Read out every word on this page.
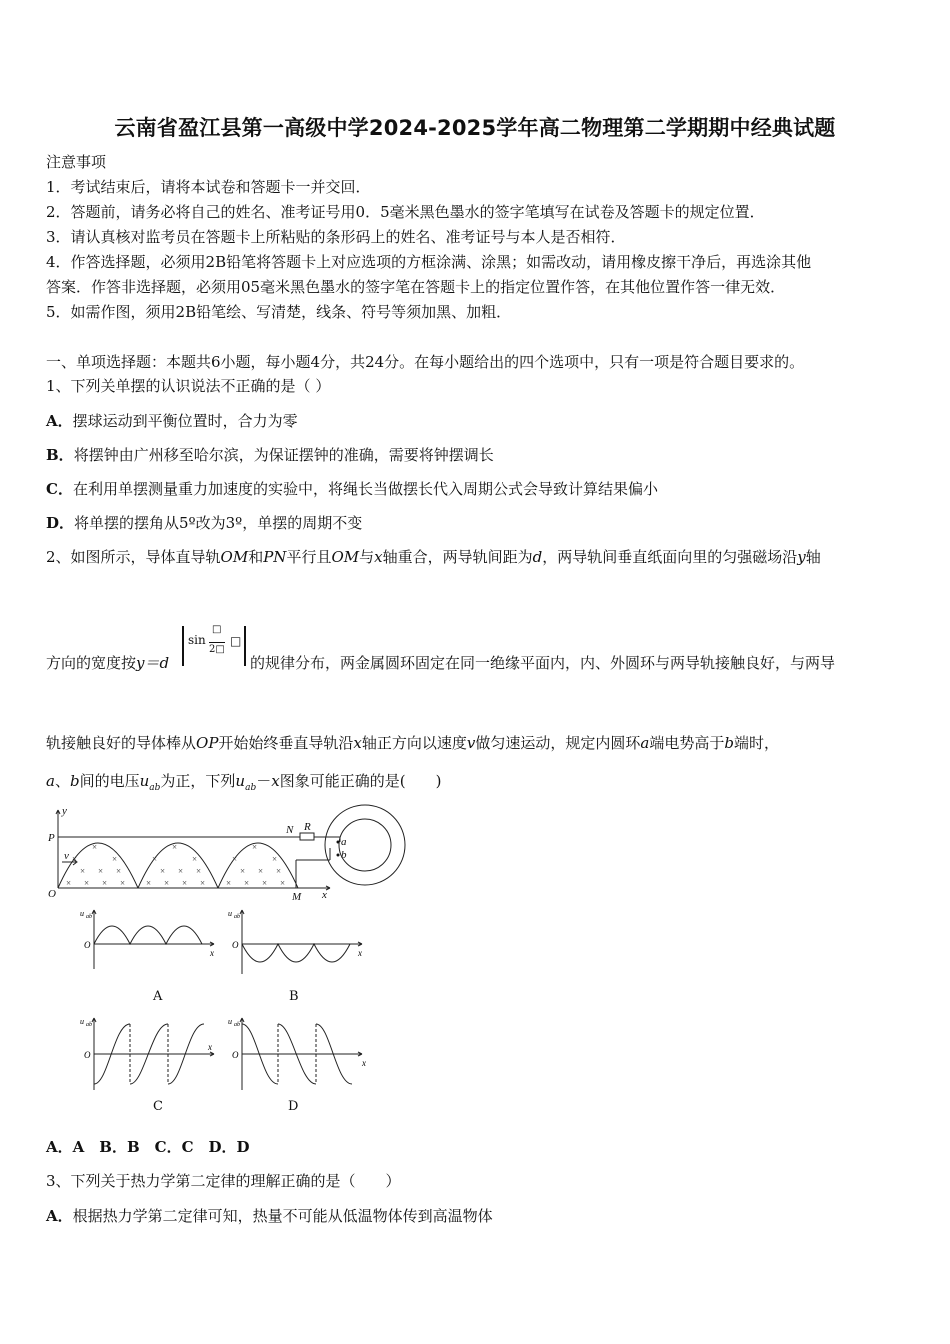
云南省盈江县第一高级中学2024-2025学年高二物理第二学期期中经典试题
注意事项
1．考试结束后，请将本试卷和答题卡一并交回．
2．答题前，请务必将自己的姓名、准考证号用0．5毫米黑色墨水的签字笔填写在试卷及答题卡的规定位置．
3．请认真核对监考员在答题卡上所粘贴的条形码上的姓名、准考证号与本人是否相符．
4．作答选择题，必须用2B铅笔将答题卡上对应选项的方框涂满、涂黑；如需改动，请用橡皮擦干净后，再选涂其他
答案．作答非选择题，必须用05毫米黑色墨水的签字笔在答题卡上的指定位置作答，在其他位置作答一律无效．
5．如需作图，须用2B铅笔绘、写清楚，线条、符号等须加黑、加粗．
一、单项选择题：本题共6小题，每小题4分，共24分。在每小题给出的四个选项中，只有一项是符合题目要求的。
1、下列关单摆的认识说法不正确的是（ ）
A．摆球运动到平衡位置时，合力为零
B．将摆钟由广州移至哈尔滨，为保证摆钟的准确，需要将钟摆调长
C．在利用单摆测量重力加速度的实验中，将绳长当做摆长代入周期公式会导致计算结果偏小
D．将单摆的摆角从5º改为3º，单摆的周期不变
2、如图所示，导体直导轨OM和PN平行且OM与x轴重合，两导轨间距为d，两导轨间垂直纸面向里的匀强磁场沿y轴
方向的宽度按y＝d
sin
□
2□
□
的规律分布，两金属圆环固定在同一绝缘平面内，内、外圆环与两导轨接触良好，与两导
轨接触良好的导体棒从OP开始始终垂直导轨沿x轴正方向以速度v做匀速运动，规定内圆环a端电势高于b端时，
a、b间的电压$u_{ab}$为正，下列$u_{ab}-x$图象可能正确的是(　　)
×
×
×
× × ×
× × × ×
×
×
×
× × ×
× × × ×
×
×
×
× × ×
× × × ×
y
P
O
v
N R
M x
a
b
u ab
O
x
A
u ab
O
x
B
u ab
O
x
C
u ab
O
x
D
A．A　B．B　C．C　D．D
3、下列关于热力学第二定律的理解正确的是（　　）
A．根据热力学第二定律可知，热量不可能从低温物体传到高温物体
